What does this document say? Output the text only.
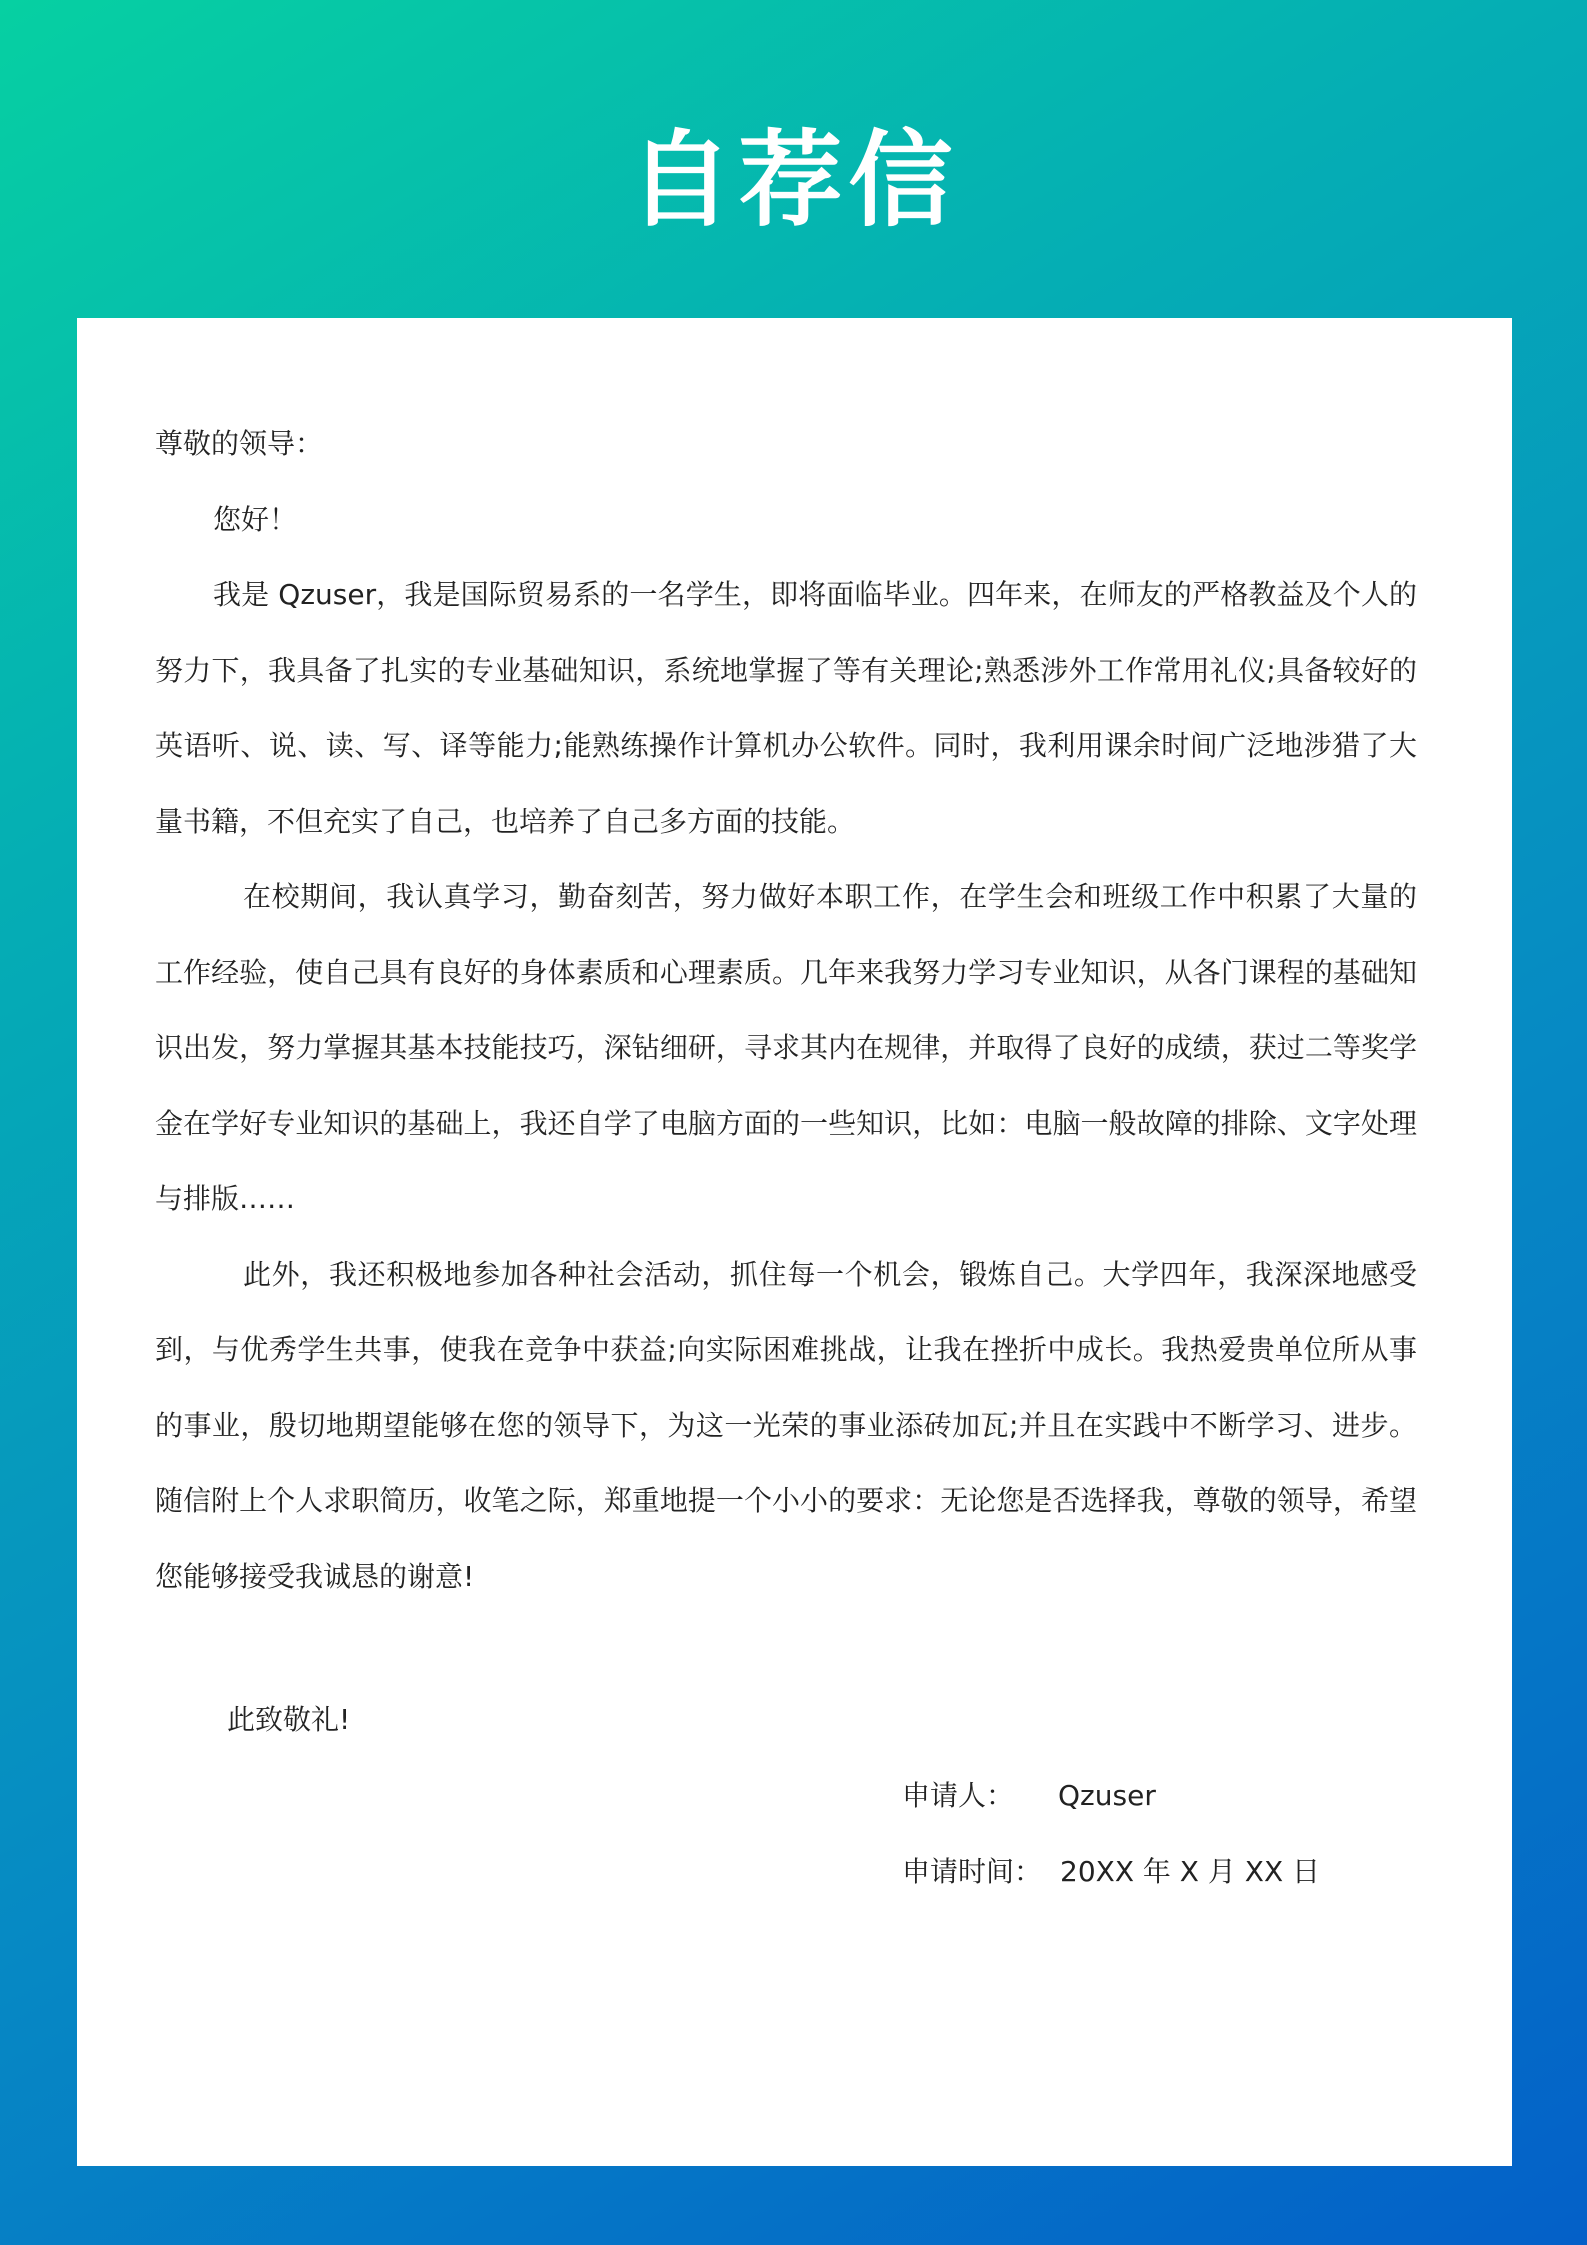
自荐信

尊敬的领导：

您好！

我是 Qzuser，我是国际贸易系的一名学生，即将面临毕业。四年来，在师友的严格教益及个人的努力下，我具备了扎实的专业基础知识，系统地掌握了等有关理论;熟悉涉外工作常用礼仪;具备较好的英语听、说、读、写、译等能力;能熟练操作计算机办公软件。同时，我利用课余时间广泛地涉猎了大量书籍，不但充实了自己，也培养了自己多方面的技能。

在校期间，我认真学习，勤奋刻苦，努力做好本职工作，在学生会和班级工作中积累了大量的工作经验，使自己具有良好的身体素质和心理素质。几年来我努力学习专业知识，从各门课程的基础知识出发，努力掌握其基本技能技巧，深钻细研，寻求其内在规律，并取得了良好的成绩，获过二等奖学金在学好专业知识的基础上，我还自学了电脑方面的一些知识，比如：电脑一般故障的排除、文字处理与排版……

此外，我还积极地参加各种社会活动，抓住每一个机会，锻炼自己。大学四年，我深深地感受到，与优秀学生共事，使我在竞争中获益;向实际困难挑战，让我在挫折中成长。我热爱贵单位所从事的事业，殷切地期望能够在您的领导下，为这一光荣的事业添砖加瓦;并且在实践中不断学习、进步。随信附上个人求职简历，收笔之际，郑重地提一个小小的要求：无论您是否选择我，尊敬的领导，希望您能够接受我诚恳的谢意!

此致敬礼!
申请人： Qzuser
申请时间： 20XX 年 X 月 XX 日
